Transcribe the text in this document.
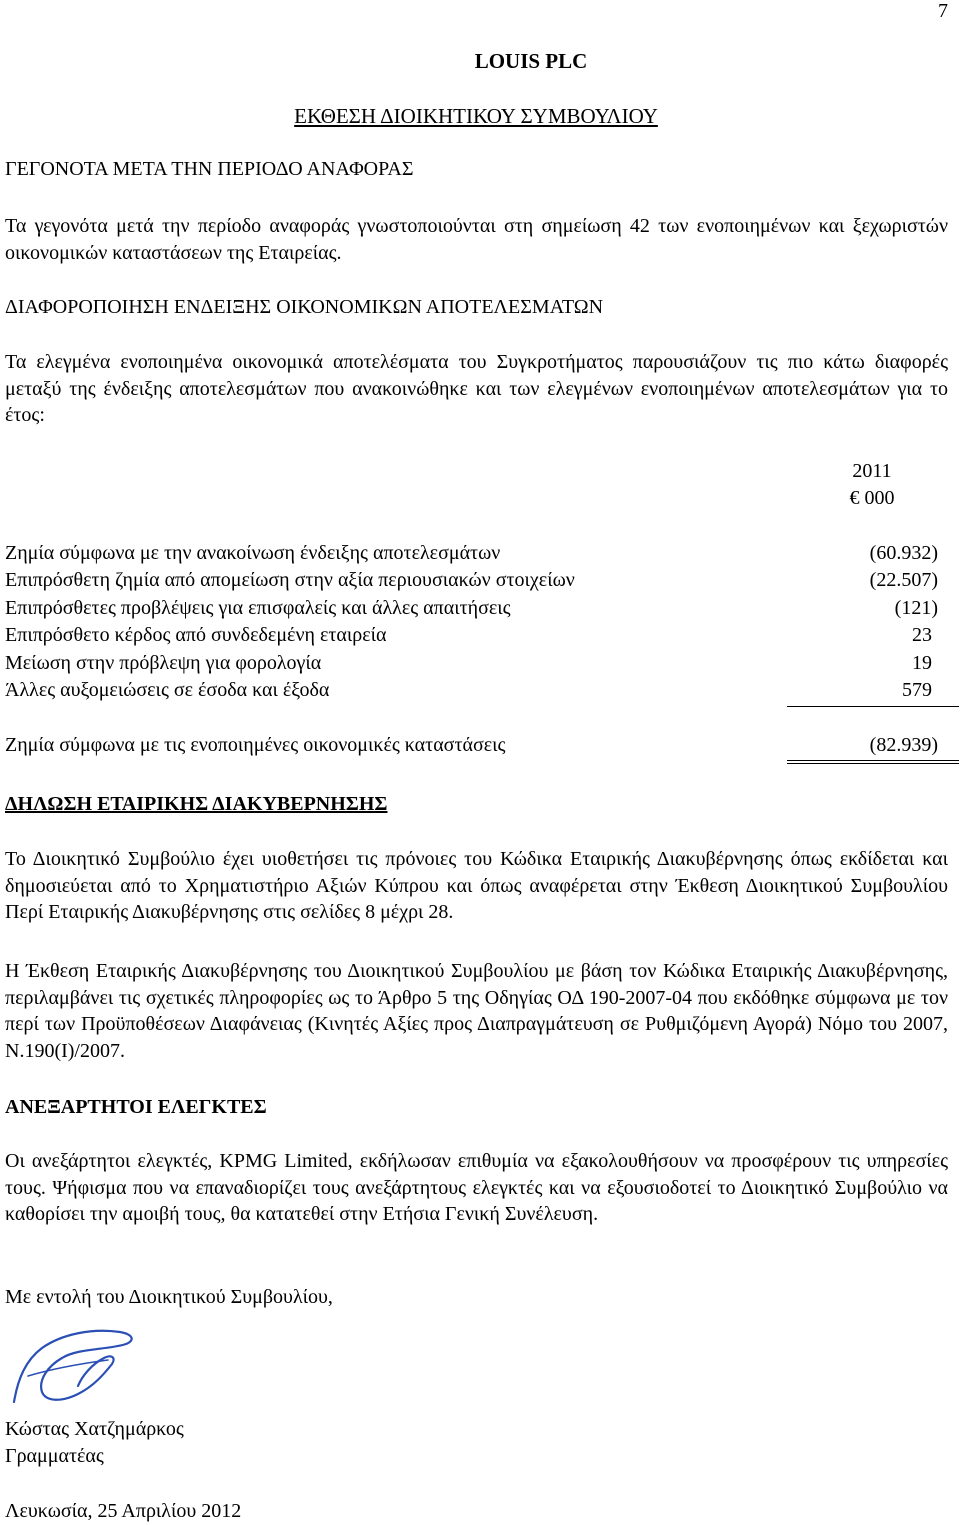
7
LOUIS PLC
ΕΚΘΕΣΗ ΔΙΟΙΚΗΤΙΚΟΥ ΣΥΜΒΟΥΛΙΟΥ
ΓΕΓΟΝΟΤΑ ΜΕΤΑ ΤΗΝ ΠΕΡΙΟΔΟ ΑΝΑΦΟΡΑΣ
Τα γεγονότα μετά την περίοδο αναφοράς γνωστοποιούνται στη σημείωση 42 των ενοποιημένων και ξεχωριστών οικονομικών καταστάσεων της Εταιρείας.
ΔΙΑΦΟΡΟΠΟΙΗΣΗ ΕΝΔΕΙΞΗΣ ΟΙΚΟΝΟΜΙΚΩΝ ΑΠΟΤΕΛΕΣΜΑΤΩΝ
Τα ελεγμένα ενοποιημένα οικονομικά αποτελέσματα του Συγκροτήματος παρουσιάζουν τις πιο κάτω διαφορές μεταξύ της ένδειξης αποτελεσμάτων που ανακοινώθηκε και των ελεγμένων ενοποιημένων αποτελεσμάτων για το έτος:
2011
€ 000
Ζημία σύμφωνα με την ανακοίνωση ένδειξης αποτελεσμάτων	(60.932)
Επιπρόσθετη ζημία από απομείωση στην αξία περιουσιακών στοιχείων	(22.507)
Επιπρόσθετες προβλέψεις για επισφαλείς και άλλες απαιτήσεις	(121)
Επιπρόσθετο κέρδος από συνδεδεμένη εταιρεία	23
Μείωση στην πρόβλεψη για φορολογία	19
Άλλες αυξομειώσεις σε έσοδα και έξοδα	579
Ζημία σύμφωνα με τις ενοποιημένες οικονομικές καταστάσεις	(82.939)
ΔΗΛΩΣΗ ΕΤΑΙΡΙΚΗΣ ΔΙΑΚΥΒΕΡΝΗΣΗΣ
Το Διοικητικό Συμβούλιο έχει υιοθετήσει τις πρόνοιες του Κώδικα Εταιρικής Διακυβέρνησης όπως εκδίδεται και δημοσιεύεται από το Χρηματιστήριο Αξιών Κύπρου και όπως αναφέρεται στην Έκθεση Διοικητικού Συμβουλίου Περί Εταιρικής Διακυβέρνησης στις σελίδες 8 μέχρι 28.
Η Έκθεση Εταιρικής Διακυβέρνησης του Διοικητικού Συμβουλίου με βάση τον Κώδικα Εταιρικής Διακυβέρνησης, περιλαμβάνει τις σχετικές πληροφορίες ως το Άρθρο 5 της Οδηγίας ΟΔ 190-2007-04 που εκδόθηκε σύμφωνα με τον περί των Προϋποθέσεων Διαφάνειας (Κινητές Αξίες προς Διαπραγμάτευση σε Ρυθμιζόμενη Αγορά) Νόμο του 2007, Ν.190(Ι)/2007.
ΑΝΕΞΑΡΤΗΤΟΙ ΕΛΕΓΚΤΕΣ
Οι ανεξάρτητοι ελεγκτές, KPMG Limited, εκδήλωσαν επιθυμία να εξακολουθήσουν να προσφέρουν τις υπηρεσίες τους. Ψήφισμα που να επαναδιορίζει τους ανεξάρτητους ελεγκτές και να εξουσιοδοτεί το Διοικητικό Συμβούλιο να καθορίσει την αμοιβή τους, θα κατατεθεί στην Ετήσια Γενική Συνέλευση.
Με εντολή του Διοικητικού Συμβουλίου,
Κώστας Χατζημάρκος
Γραμματέας
Λευκωσία, 25 Απριλίου 2012
